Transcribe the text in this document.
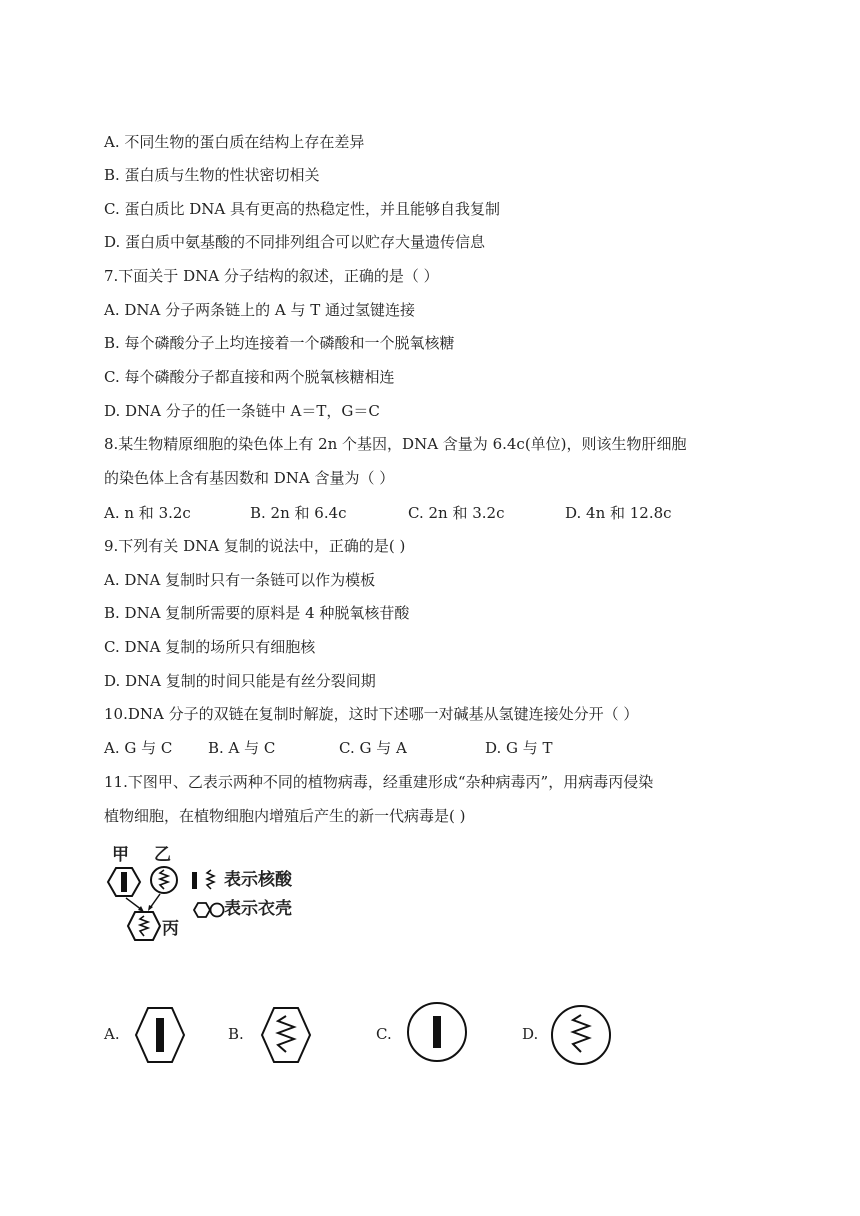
A. 不同生物的蛋白质在结构上存在差异
B. 蛋白质与生物的性状密切相关
C. 蛋白质比 DNA 具有更高的热稳定性，并且能够自我复制
D. 蛋白质中氨基酸的不同排列组合可以贮存大量遗传信息
7.下面关于 DNA 分子结构的叙述，正确的是（ ）
A. DNA 分子两条链上的 A 与 T 通过氢键连接
B. 每个磷酸分子上均连接着一个磷酸和一个脱氧核糖
C. 每个磷酸分子都直接和两个脱氧核糖相连
D. DNA 分子的任一条链中 A＝T，G＝C
8.某生物精原细胞的染色体上有 2n 个基因，DNA 含量为 6.4c(单位)，则该生物肝细胞
的染色体上含有基因数和 DNA 含量为（ ）
A. n 和 3.2c	B. 2n 和 6.4c	C. 2n 和 3.2c	D. 4n 和 12.8c
9.下列有关 DNA 复制的说法中，正确的是( )
A. DNA 复制时只有一条链可以作为模板
B. DNA 复制所需要的原料是 4 种脱氧核苷酸
C. DNA 复制的场所只有细胞核
D. DNA 复制的时间只能是有丝分裂间期
10.DNA 分子的双链在复制时解旋，这时下述哪一对碱基从氢键连接处分开（ ）
A. G 与 C B. A 与 C	C. G 与 A	D. G 与 T
11.下图甲、乙表示两种不同的植物病毒，经重建形成“杂种病毒丙”，用病毒丙侵染
植物细胞，在植物细胞内增殖后产生的新一代病毒是( )
甲 乙
丙
表示核酸
表示衣壳
A.	B.	C.	D.
